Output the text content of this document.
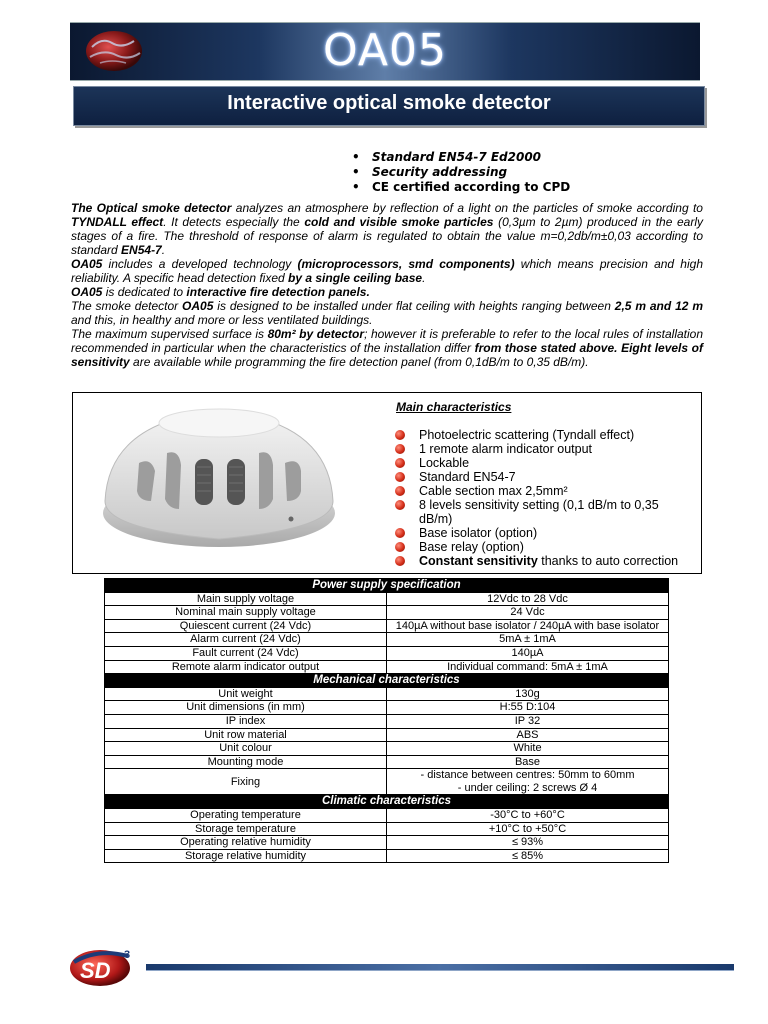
OA05
Interactive optical smoke detector
• Standard EN54-7 Ed2000
• Security addressing
• CE certified according to CPD

The Optical smoke detector analyzes an atmosphere by reflection of a light on the particles of smoke according to TYNDALL effect. It detects especially the cold and visible smoke particles (0,3µm to 2µm) produced in the early stages of a fire. The threshold of response of alarm is regulated to obtain the value m=0,2db/m±0,03 according to standard EN54-7.

OA05 includes a developed technology (microprocessors, smd components) which means precision and high reliability. A specific head detection fixed by a single ceiling base.

OA05 is dedicated to interactive fire detection panels.

The smoke detector OA05 is designed to be installed under flat ceiling with heights ranging between 2,5 m and 12 m and this, in healthy and more or less ventilated buildings.

The maximum supervised surface is 80m² by detector; however it is preferable to refer to the local rules of installation recommended in particular when the characteristics of the installation differ from those stated above. Eight levels of sensitivity are available while programming the fire detection panel (from 0,1dB/m to 0,35 dB/m).

Main characteristics
Photoelectric scattering (Tyndall effect)
1 remote alarm indicator output
Lockable
Standard EN54-7
Cable section max 2,5mm²
8 levels sensitivity setting (0,1 dB/m to 0,35 dB/m)
Base isolator (option)
Base relay (option)
Constant sensitivity thanks to auto correction
Power supply specification	
Main supply voltage	12Vdc to 28 Vdc
Nominal main supply voltage	24 Vdc
Quiescent current (24 Vdc)	140µA without base isolator / 240µA with base isolator
Alarm current (24 Vdc)	5mA ± 1mA
Fault current (24 Vdc)	140µA
Remote alarm indicator output	Individual command: 5mA ± 1mA
Mechanical characteristics	
Unit weight	130g
Unit dimensions (in mm)	H:55 D:104
IP index	IP 32
Unit row material	ABS
Unit colour	White
Mounting mode	Base
Fixing	- distance between centres: 50mm to 60mm
- under ceiling: 2 screws Ø 4
Climatic characteristics	
Operating temperature	-30°C to +60°C
Storage temperature	+10°C to +50°C
Operating relative humidity	≤ 93%
Storage relative humidity	≤ 85%
SD
3
